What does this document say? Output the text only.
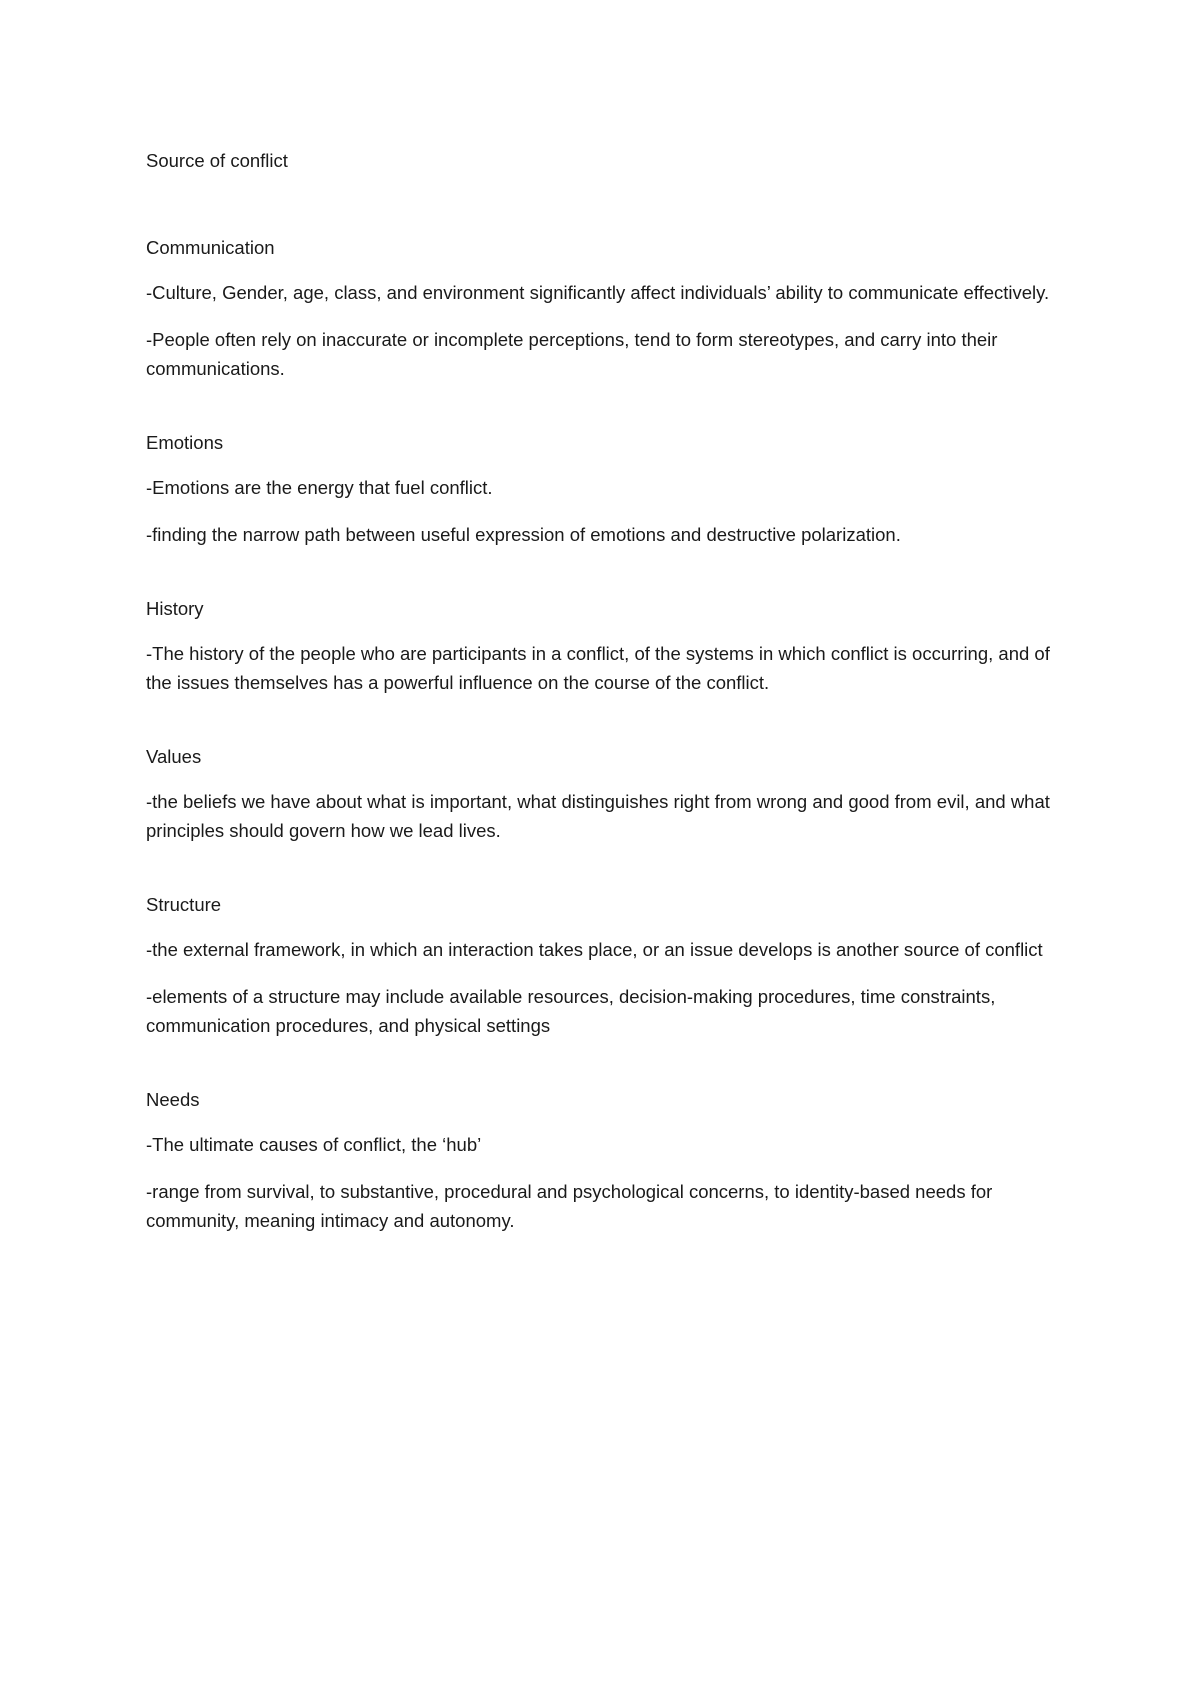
Source of conflict

Communication

-Culture, Gender, age, class, and environment significantly affect individuals’ ability to communicate effectively.

-People often rely on inaccurate or incomplete perceptions, tend to form stereotypes, and carry into their communications.

Emotions

-Emotions are the energy that fuel conflict.

-finding the narrow path between useful expression of emotions and destructive polarization.

History

-The history of the people who are participants in a conflict, of the systems in which conflict is occurring, and of the issues themselves has a powerful influence on the course of the conflict.

Values

-the beliefs we have about what is important, what distinguishes right from wrong and good from evil, and what principles should govern how we lead lives.

Structure

-the external framework, in which an interaction takes place, or an issue develops is another source of conflict

-elements of a structure may include available resources, decision-making procedures, time constraints, communication procedures, and physical settings

Needs

-The ultimate causes of conflict, the ‘hub’

-range from survival, to substantive, procedural and psychological concerns, to identity-based needs for community, meaning intimacy and autonomy.
